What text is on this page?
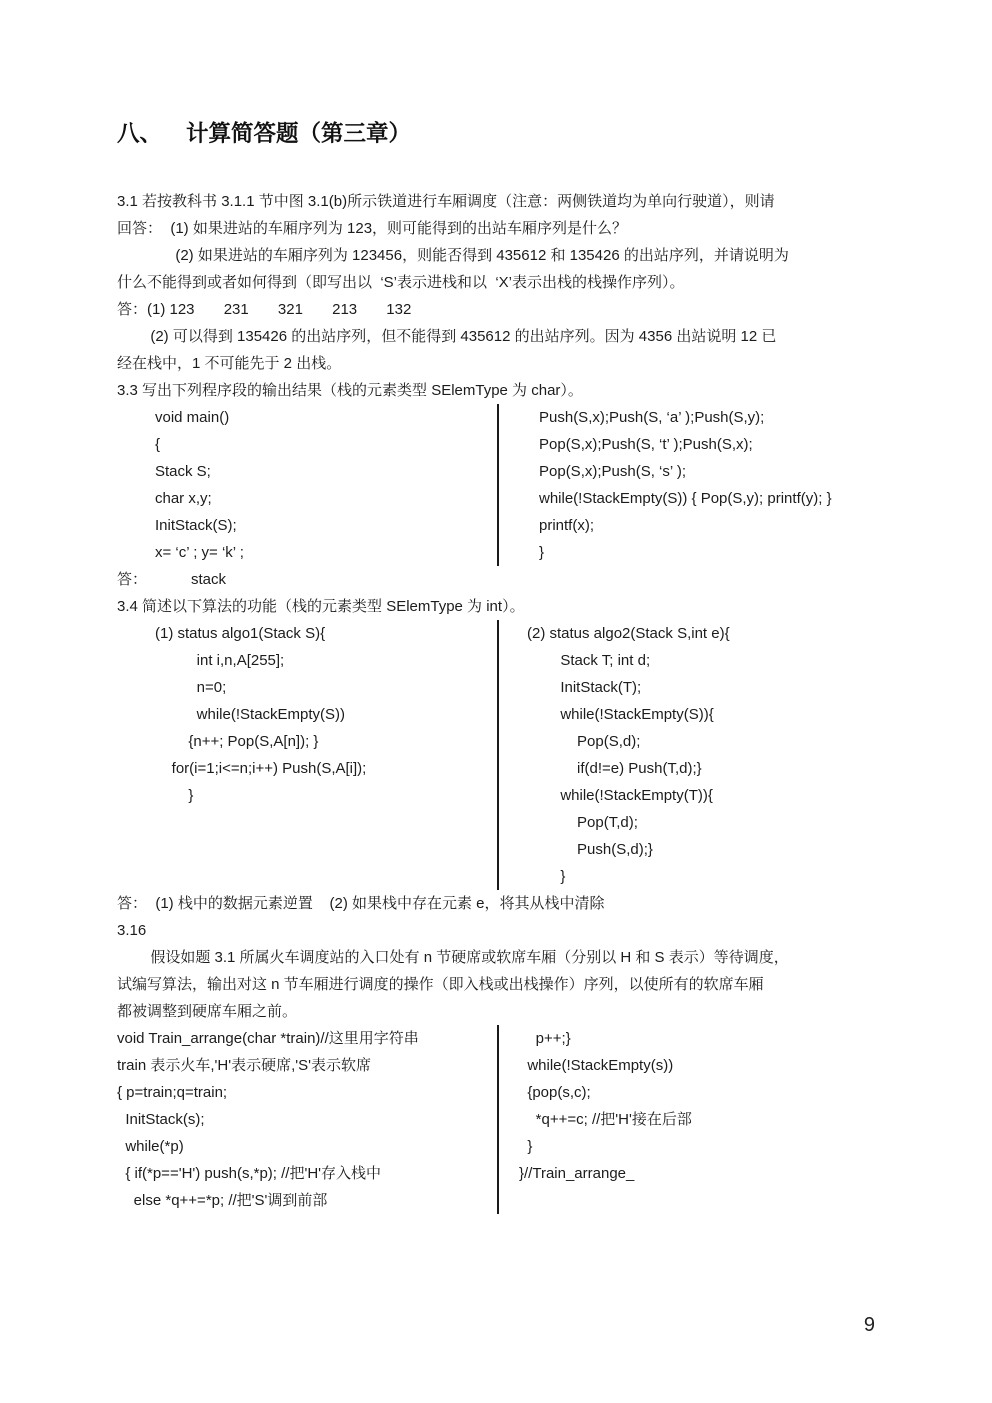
八、 计算简答题（第三章）
3.1 若按教科书 3.1.1 节中图 3.1(b)所示铁道进行车厢调度（注意：两侧铁道均为单向行驶道），则请
回答：  (1) 如果进站的车厢序列为 123，则可能得到的出站车厢序列是什么？
(2) 如果进站的车厢序列为 123456，则能否得到 435612 和 135426 的出站序列，并请说明为
什么不能得到或者如何得到（即写出以  ‘S’表示进栈和以  ‘X’表示出栈的栈操作序列）。
答：(1) 123       231       321       213       132
(2) 可以得到 135426 的出站序列，但不能得到 435612 的出站序列。因为 4356 出站说明 12 已
经在栈中，1 不可能先于 2 出栈。
3.3 写出下列程序段的输出结果（栈的元素类型 SElemType 为 char）。
void main()
{
Stack S;
char x,y;
InitStack(S);
x= ‘c’ ; y= ‘k’ ;
Push(S,x);Push(S, ‘a’ );Push(S,y);
Pop(S,x);Push(S, ‘t’ );Push(S,x);
Pop(S,x);Push(S, ‘s’ );
while(!StackEmpty(S)) { Pop(S,y); printf(y); }
printf(x);
}
答：	stack
3.4 简述以下算法的功能（栈的元素类型 SElemType 为 int）。
(1) status algo1(Stack S){
int i,n,A[255];
n=0;
while(!StackEmpty(S))
{n++; Pop(S,A[n]); }
for(i=1;i<=n;i++) Push(S,A[i]);
}
(2) status algo2(Stack S,int e){
Stack T; int d;
InitStack(T);
while(!StackEmpty(S)){
Pop(S,d);
if(d!=e) Push(T,d);}
while(!StackEmpty(T)){
Pop(T,d);
Push(S,d);}
}
答：  (1) 栈中的数据元素逆置    (2) 如果栈中存在元素 e，将其从栈中清除
3.16
假设如题 3.1 所属火车调度站的入口处有 n 节硬席或软席车厢（分别以 H 和 S 表示）等待调度，
试编写算法，输出对这 n 节车厢进行调度的操作（即入栈或出栈操作）序列，以使所有的软席车厢
都被调整到硬席车厢之前。
void Train_arrange(char *train)//这里用字符串
train 表示火车,'H'表示硬席,'S'表示软席
{ p=train;q=train;
InitStack(s);
while(*p)
{ if(*p=='H') push(s,*p); //把'H'存入栈中
else *q++=*p; //把'S'调到前部
p++;}
while(!StackEmpty(s))
{pop(s,c);
*q++=c; //把'H'接在后部
}
}//Train_arrange_
9
